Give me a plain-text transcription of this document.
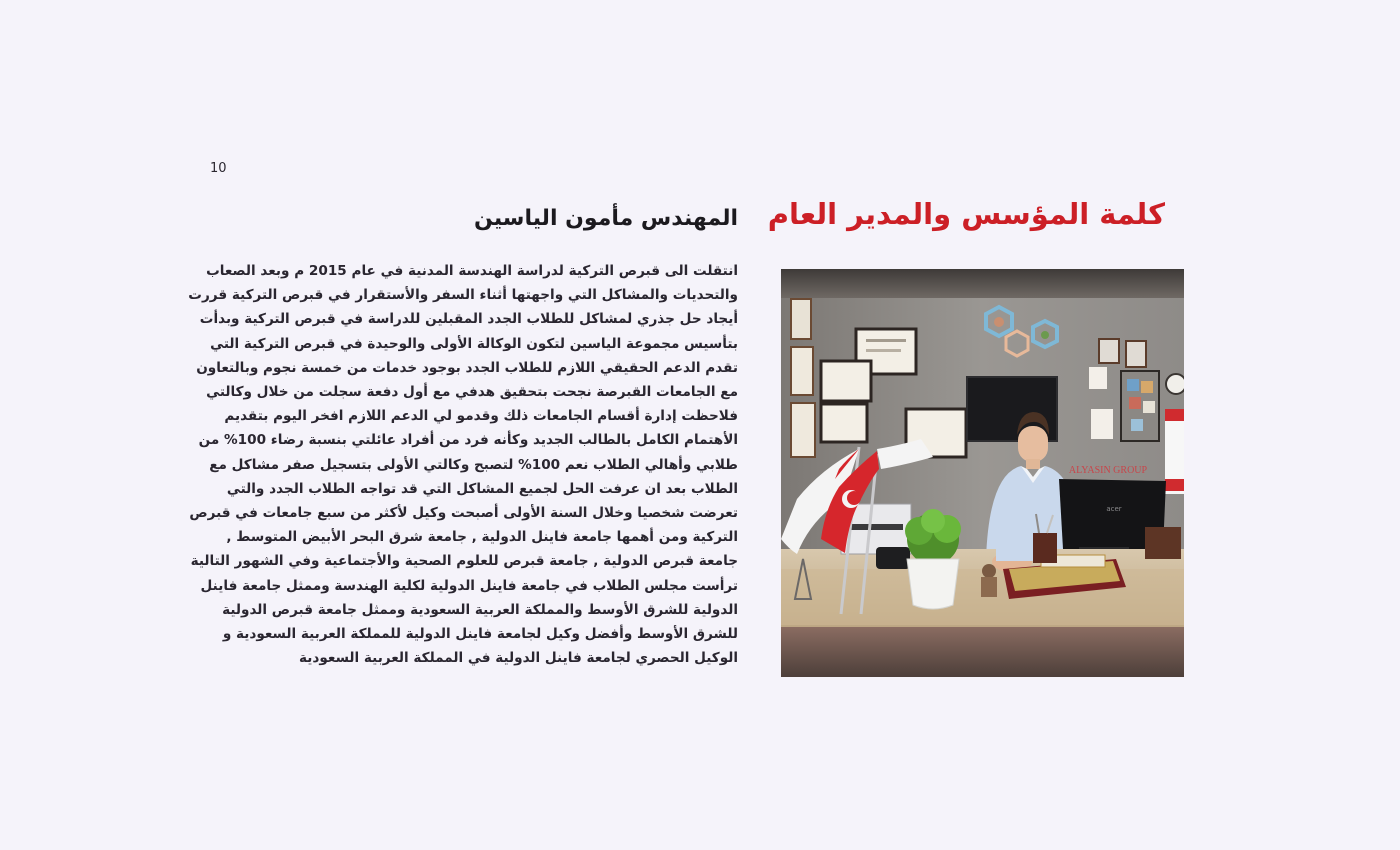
10
كلمة المؤسس والمدير العام
المهندس مأمون الياسين

انتقلت الى قبرص التركية لدراسة الهندسة المدنية في عام 2015 م وبعد الصعاب والتحديات والمشاكل التي واجهتها أثناء السفر والأستقرار في قبرص التركية قررت أيجاد حل جذري لمشاكل للطلاب الجدد المقبلين للدراسة في قبرص التركية وبدأت بتأسيس مجموعة الياسين لتكون الوكالة الأولى والوحيدة في قبرص التركية التي تقدم الدعم الحقيقي اللازم للطلاب الجدد بوجود خدمات من خمسة نجوم وبالتعاون مع الجامعات القبرصة نجحت بتحقيق هدفي مع أول دفعة سجلت من خلال وكالتي فلاحظت إدارة أقسام الجامعات ذلك وقدمو لي الدعم اللازم افخر اليوم بتقديم الأهتمام الكامل بالطالب الجديد وكأنه فرد من أفراد عائلتي بنسبة رضاء 100% من طلابي وأهالي الطلاب نعم 100% لتصبح وكالتي الأولى بتسجيل صفر مشاكل مع الطلاب بعد ان عرفت الحل لجميع المشاكل التي قد تواجه الطلاب الجدد والتي تعرضت شخصيا وخلال السنة الأولى أصبحت وكيل لأكثر من سبع جامعات في قبرص التركية ومن أهمها جامعة فاينل الدولية , جامعة شرق البحر الأبيض المتوسط , جامعة قبرص الدولية , جامعة قبرص للعلوم الصحية والأجتماعية وفي الشهور التالية ترأست مجلس الطلاب في جامعة فاينل الدولية لكلية الهندسة وممثل جامعة فاينل الدولية للشرق الأوسط والمملكة العربية السعودية وممثل جامعة قبرص الدولية للشرق الأوسط وأفضل وكيل لجامعة فاينل الدولية للمملكة العربية السعودية و الوكيل الحصري لجامعة فاينل الدولية في المملكة العربية السعودية

ALYASIN GROUP
acer
